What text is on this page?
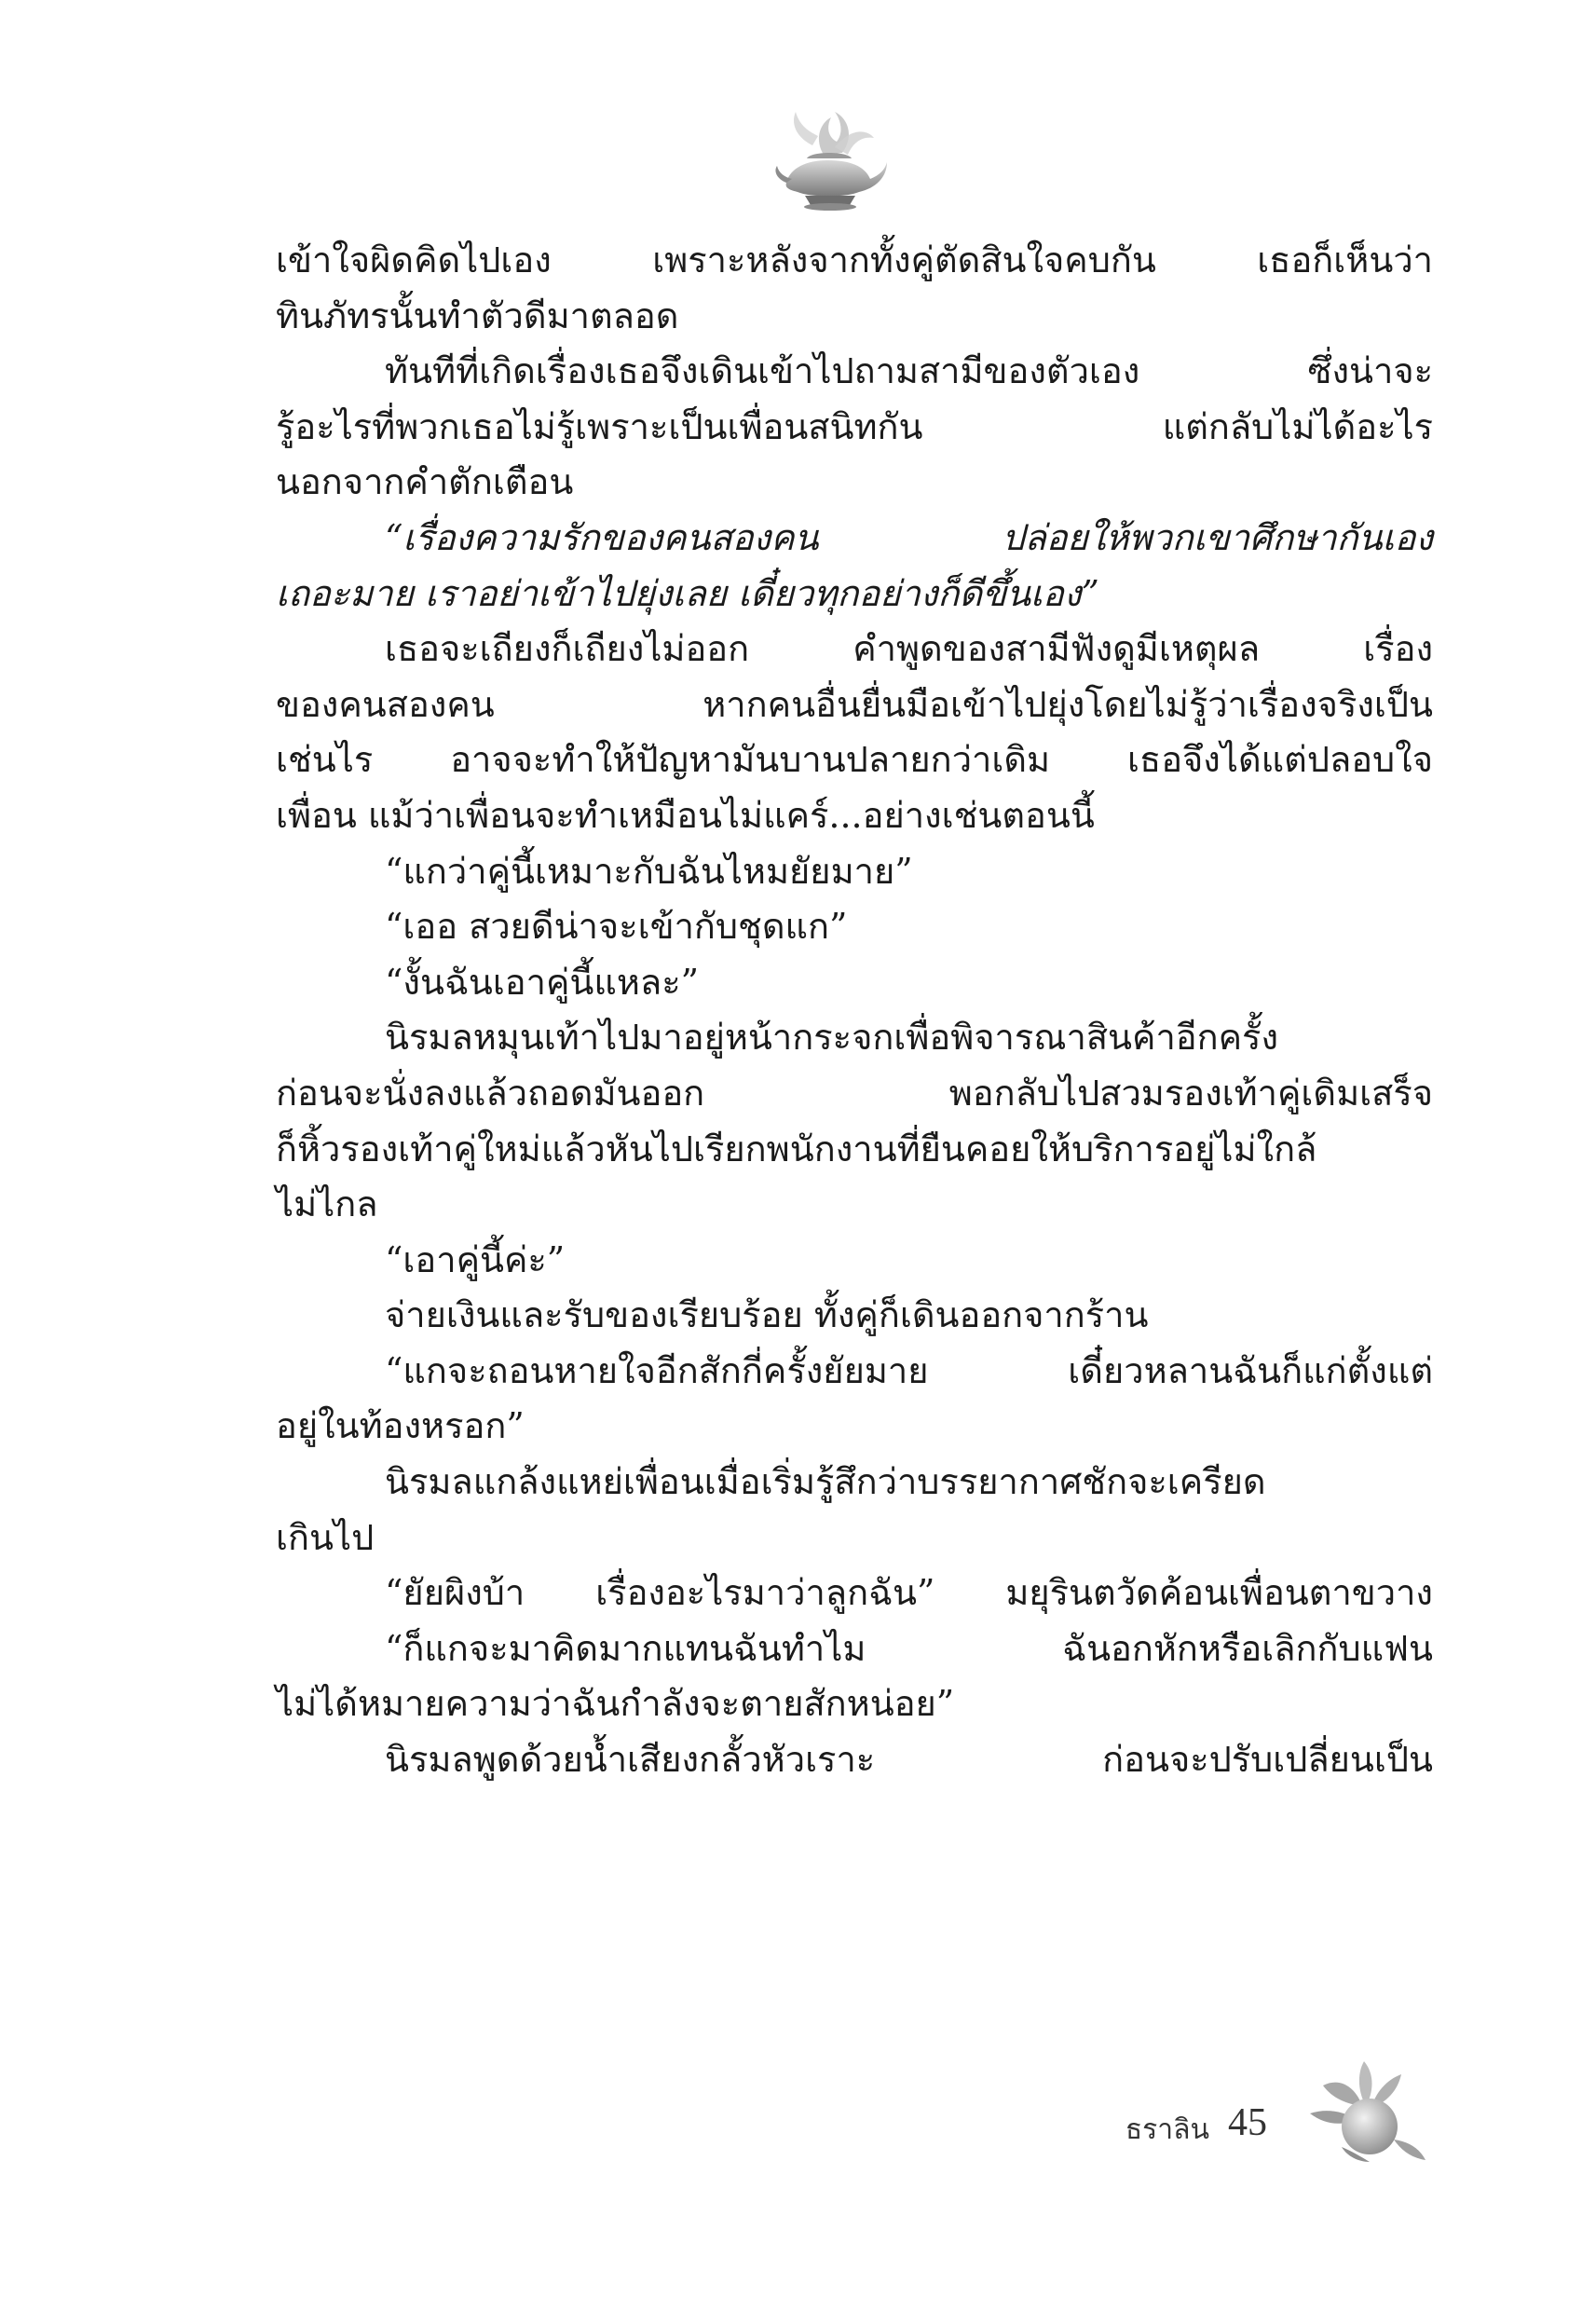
เข้าใจผิดคิดไปเอง เพราะหลังจากทั้งคู่ตัดสินใจคบกัน เธอก็เห็นว่า

ทินภัทรนั้นทำตัวดีมาตลอด

ทันทีที่เกิดเรื่องเธอจึงเดินเข้าไปถามสามีของตัวเอง ซึ่งน่าจะ

รู้อะไรที่พวกเธอไม่รู้เพราะเป็นเพื่อนสนิทกัน แต่กลับไม่ได้อะไร

นอกจากคำตักเตือน

“เรื่องความรักของคนสองคน ปล่อยให้พวกเขาศึกษากันเอง

เถอะมาย เราอย่าเข้าไปยุ่งเลย เดี๋ยวทุกอย่างก็ดีขึ้นเอง”

เธอจะเถียงก็เถียงไม่ออก คำพูดของสามีฟังดูมีเหตุผล เรื่อง

ของคนสองคน หากคนอื่นยื่นมือเข้าไปยุ่งโดยไม่รู้ว่าเรื่องจริงเป็น

เช่นไร อาจจะทำให้ปัญหามันบานปลายกว่าเดิม เธอจึงได้แต่ปลอบใจ

เพื่อน แม้ว่าเพื่อนจะทำเหมือนไม่แคร์...อย่างเช่นตอนนี้

“แกว่าคู่นี้เหมาะกับฉันไหมยัยมาย”

“เออ สวยดีน่าจะเข้ากับชุดแก”

“งั้นฉันเอาคู่นี้แหละ”

นิรมลหมุนเท้าไปมาอยู่หน้ากระจกเพื่อพิจารณาสินค้าอีกครั้ง

ก่อนจะนั่งลงแล้วถอดมันออก พอกลับไปสวมรองเท้าคู่เดิมเสร็จ

ก็หิ้วรองเท้าคู่ใหม่แล้วหันไปเรียกพนักงานที่ยืนคอยให้บริการอยู่ไม่ใกล้

ไม่ไกล

“เอาคู่นี้ค่ะ”

จ่ายเงินและรับของเรียบร้อย ทั้งคู่ก็เดินออกจากร้าน

“แกจะถอนหายใจอีกสักกี่ครั้งยัยมาย เดี๋ยวหลานฉันก็แก่ตั้งแต่

อยู่ในท้องหรอก”

นิรมลแกล้งแหย่เพื่อนเมื่อเริ่มรู้สึกว่าบรรยากาศชักจะเครียด

เกินไป

“ยัยผิงบ้า เรื่องอะไรมาว่าลูกฉัน” มยุรินตวัดค้อนเพื่อนตาขวาง

“ก็แกจะมาคิดมากแทนฉันทำไม ฉันอกหักหรือเลิกกับแฟน

ไม่ได้หมายความว่าฉันกำลังจะตายสักหน่อย”

นิรมลพูดด้วยน้ำเสียงกลั้วหัวเราะ ก่อนจะปรับเปลี่ยนเป็น

ธราลิน 45
